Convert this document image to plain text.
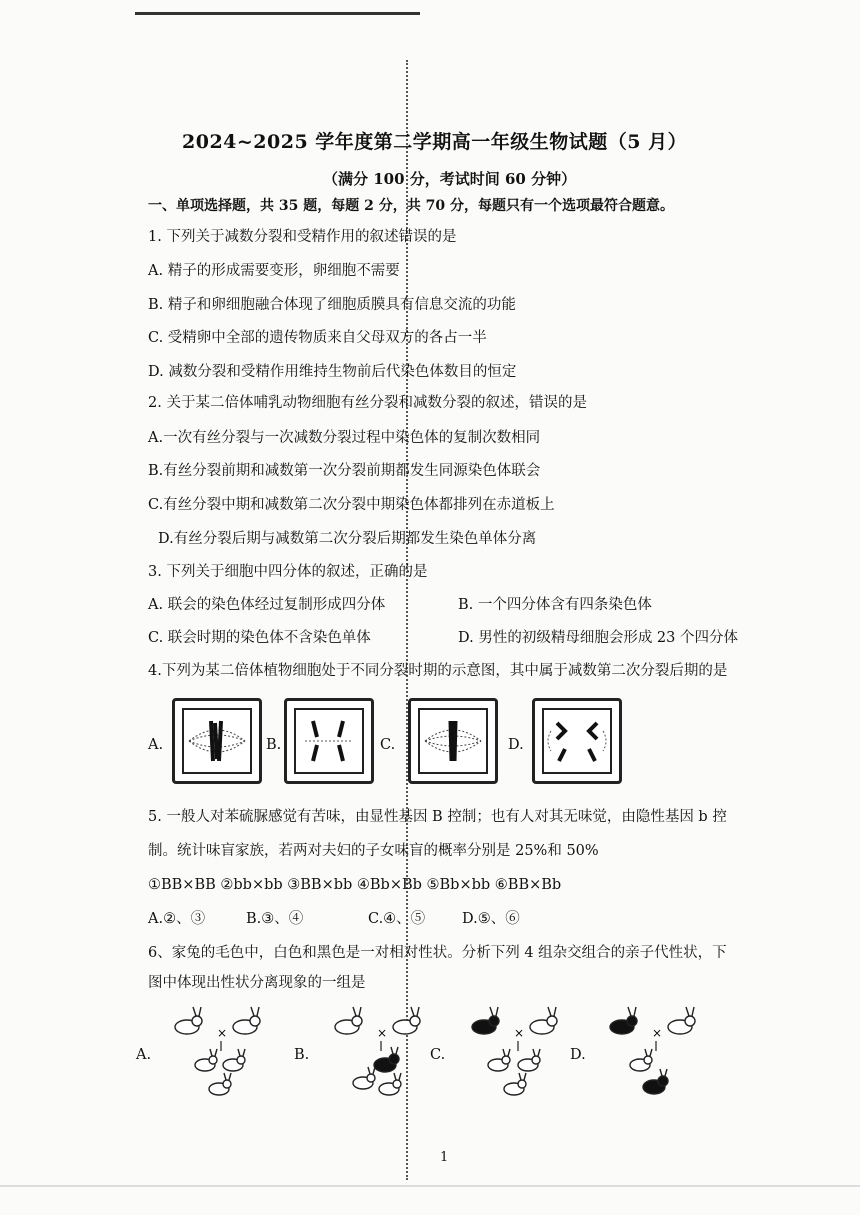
2024~2025 学年度第二学期高一年级生物试题（5 月）
（满分 100 分，考试时间 60 分钟）
一、单项选择题，共 35 题，每题 2 分，共 70 分，每题只有一个选项最符合题意。
1. 下列关于减数分裂和受精作用的叙述错误的是
A. 精子的形成需要变形，卵细胞不需要
B. 精子和卵细胞融合体现了细胞质膜具有信息交流的功能
C. 受精卵中全部的遗传物质来自父母双方的各占一半
D. 减数分裂和受精作用维持生物前后代染色体数目的恒定
2. 关于某二倍体哺乳动物细胞有丝分裂和减数分裂的叙述，错误的是
A.一次有丝分裂与一次减数分裂过程中染色体的复制次数相同
B.有丝分裂前期和减数第一次分裂前期都发生同源染色体联会
C.有丝分裂中期和减数第二次分裂中期染色体都排列在赤道板上
D.有丝分裂后期与减数第二次分裂后期都发生染色单体分离
3. 下列关于细胞中四分体的叙述，正确的是
A. 联会的染色体经过复制形成四分体	B. 一个四分体含有四条染色体
C. 联会时期的染色体不含染色单体	D. 男性的初级精母细胞会形成 23 个四分体
4.下列为某二倍体植物细胞处于不同分裂时期的示意图，其中属于减数第二次分裂后期的是
A.	B.	C.	D.
5. 一般人对苯硫脲感觉有苦味，由显性基因 B 控制；也有人对其无味觉，由隐性基因 b 控
制。统计味盲家族，若两对夫妇的子女味盲的概率分别是 25%和 50%
①BB×BB ②bb×bb ③BB×bb ④Bb×Bb ⑤Bb×bb ⑥BB×Bb
A.②、③	B.③、④	C.④、⑤	D.⑤、⑥
6、家兔的毛色中，白色和黑色是一对相对性状。分析下列 4 组杂交组合的亲子代性状，下
图中体现出性状分离现象的一组是
A.	B.	C.	D.
×	×	×	×
1
